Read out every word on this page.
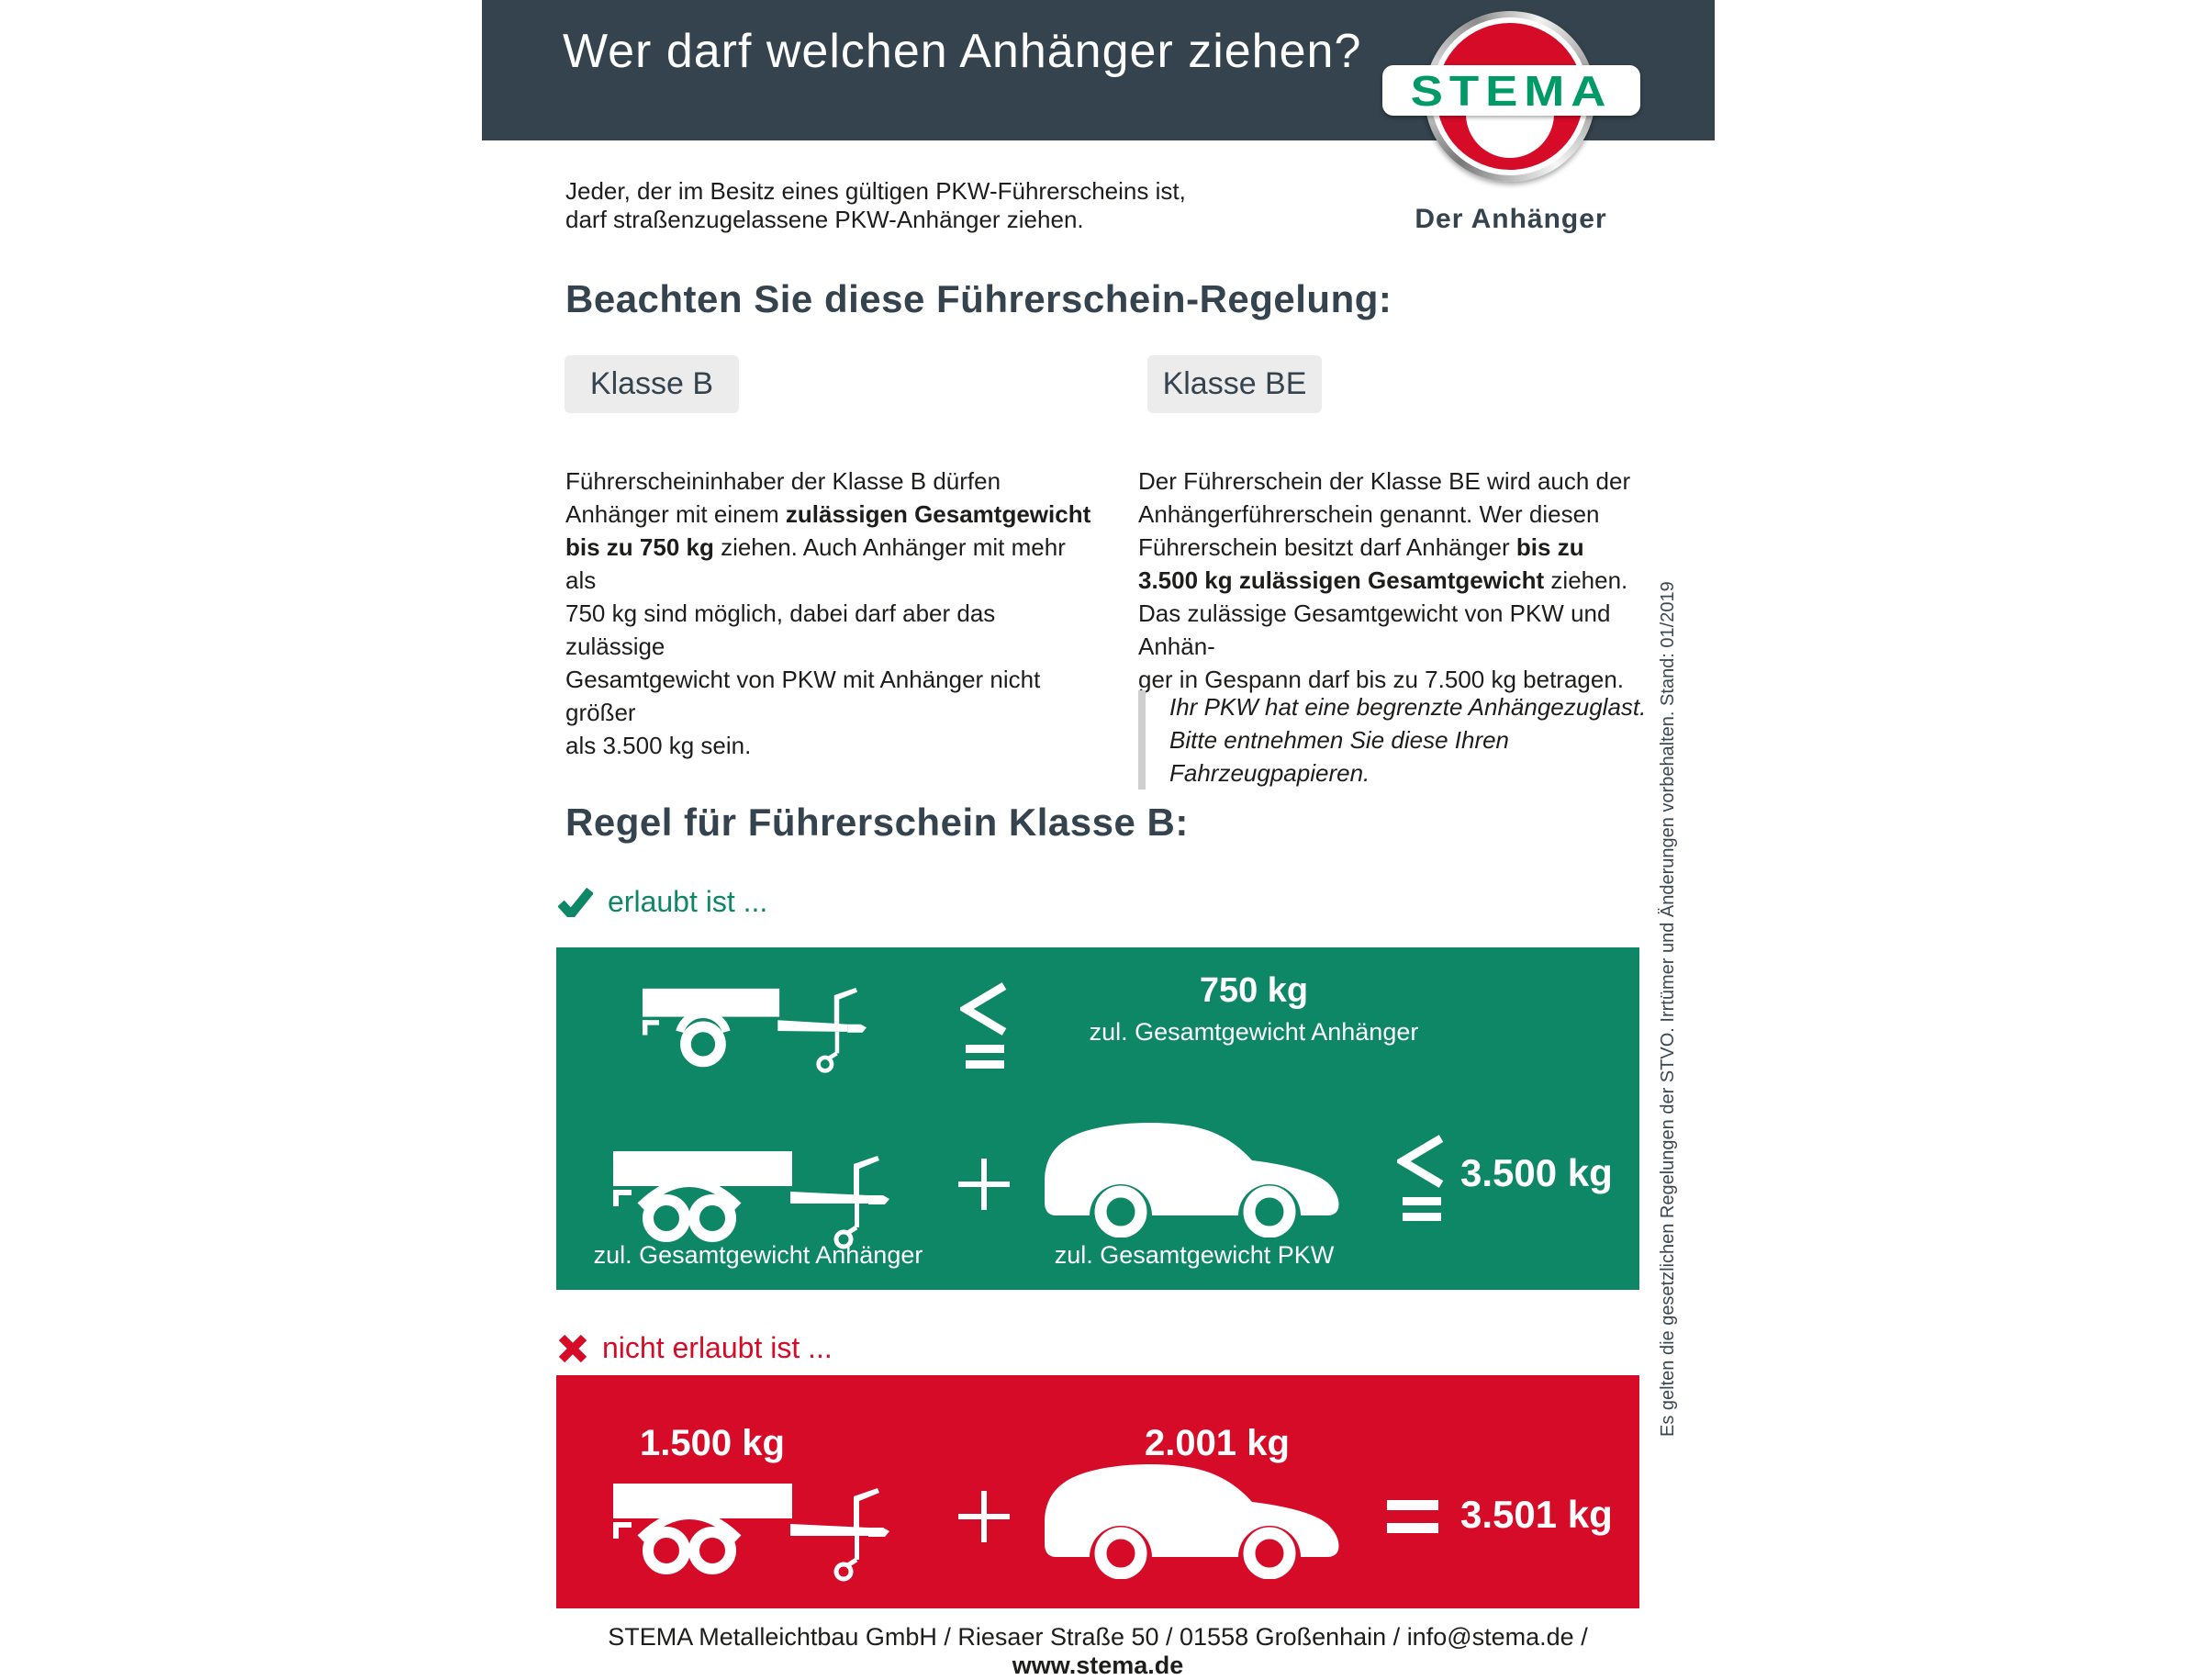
Wer darf welchen Anhänger ziehen?
STEMA
Der Anhänger
Jeder, der im Besitz eines gültigen PKW-Führerscheins ist,
darf straßenzugelassene PKW-Anhänger ziehen.
Beachten Sie diese Führerschein-Regelung:
Klasse B	Klasse BE
Führerscheininhaber der Klasse B dürfen
Anhänger mit einem zulässigen Gesamtgewicht
bis zu 750 kg ziehen. Auch Anhänger mit mehr als
750 kg sind möglich, dabei darf aber das zulässige
Gesamtgewicht von PKW mit Anhänger nicht größer
als 3.500 kg sein.
Der Führerschein der Klasse BE wird auch der
Anhängerführerschein genannt. Wer diesen
Führerschein besitzt darf Anhänger bis zu
3.500 kg zulässigen Gesamtgewicht ziehen.
Das zulässige Gesamtgewicht von PKW und Anhän-
ger in Gespann darf bis zu 7.500 kg betragen.
Ihr PKW hat eine begrenzte Anhängezuglast.
Bitte entnehmen Sie diese Ihren Fahrzeugpapieren.
Regel für Führerschein Klasse B:
erlaubt ist ...
750 kg
zul. Gesamtgewicht Anhänger
3.500 kg
zul. Gesamtgewicht Anhänger	zul. Gesamtgewicht PKW
nicht erlaubt ist ...
1.500 kg	2.001 kg
3.501 kg
STEMA Metalleichtbau GmbH / Riesaer Straße 50 / 01558 Großenhain / info@stema.de / www.stema.de
Es gelten die gesetzlichen Regelungen der STVO. Irrtümer und Änderungen vorbehalten. Stand: 01/2019
